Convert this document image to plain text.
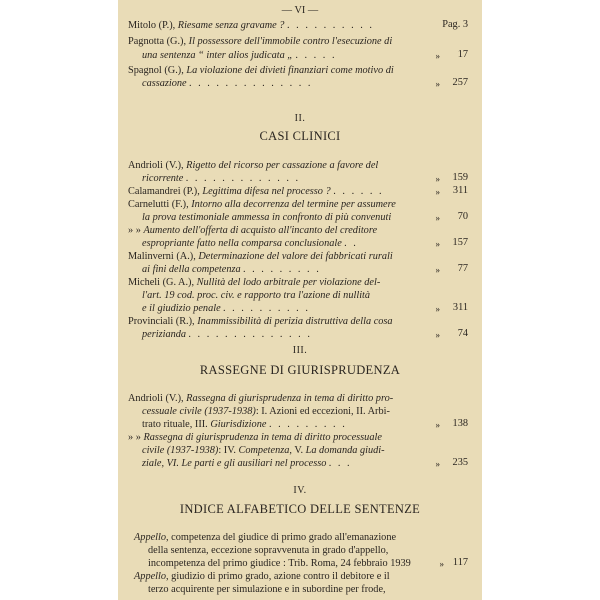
— VI —
Mitolo (P.), Riesame senza gravame ? . . . . . . . . . .	Pag. 3
Pagnotta (G.), Il possessore dell'immobile contro l'esecuzione di
una sentenza “ inter alios judicata „ . . . . .	» 17
Spagnol (G.), La violazione dei divieti finanziari come motivo di
cassazione . . . . . . . . . . . . . .	» 257
II.
CASI CLINICI
Andrioli (V.), Rigetto del ricorso per cassazione a favore del
ricorrente . . . . . . . . . . . . .	» 159
Calamandrei (P.), Legittima difesa nel processo ? . . . . . .	» 311
Carnelutti (F.), Intorno alla decorrenza del termine per assumere
la prova testimoniale ammessa in confronto di più convenuti	» 70
» » Aumento dell'offerta di acquisto all'incanto del creditore
espropriante fatto nella comparsa conclusionale . .	» 157
Malinverni (A.), Determinazione del valore dei fabbricati rurali
ai fini della competenza . . . . . . . . .	» 77
Micheli (G. A.), Nullità del lodo arbitrale per violazione del-
l'art. 19 cod. proc. civ. e rapporto tra l'azione di nullità
e il giudizio penale . . . . . . . . . .	» 311
Provinciali (R.), Inammissibilità di perizia distruttiva della cosa
perizianda . . . . . . . . . . . . . .	» 74
III.
RASSEGNE DI GIURISPRUDENZA
Andrioli (V.), Rassegna di giurisprudenza in tema di diritto pro-
cessuale civile (1937-1938): I. Azioni ed eccezioni, II. Arbi-
trato rituale, III. Giurisdizione . . . . . . . . .	» 138
» » Rassegna di giurisprudenza in tema di diritto processuale
civile (1937-1938): IV. Competenza, V. La domanda giudi-
ziale, VI. Le parti e gli ausiliari nel processo . . .	» 235
IV.
INDICE ALFABETICO DELLE SENTENZE
Appello, competenza del giudice di primo grado all'emanazione
della sentenza, eccezione sopravvenuta in grado d'appello,
incompetenza del primo giudice : Trib. Roma, 24 febbraio 1939	» 117
Appello, giudizio di primo grado, azione contro il debitore e il
terzo acquirente per simulazione e in subordine per frode,
